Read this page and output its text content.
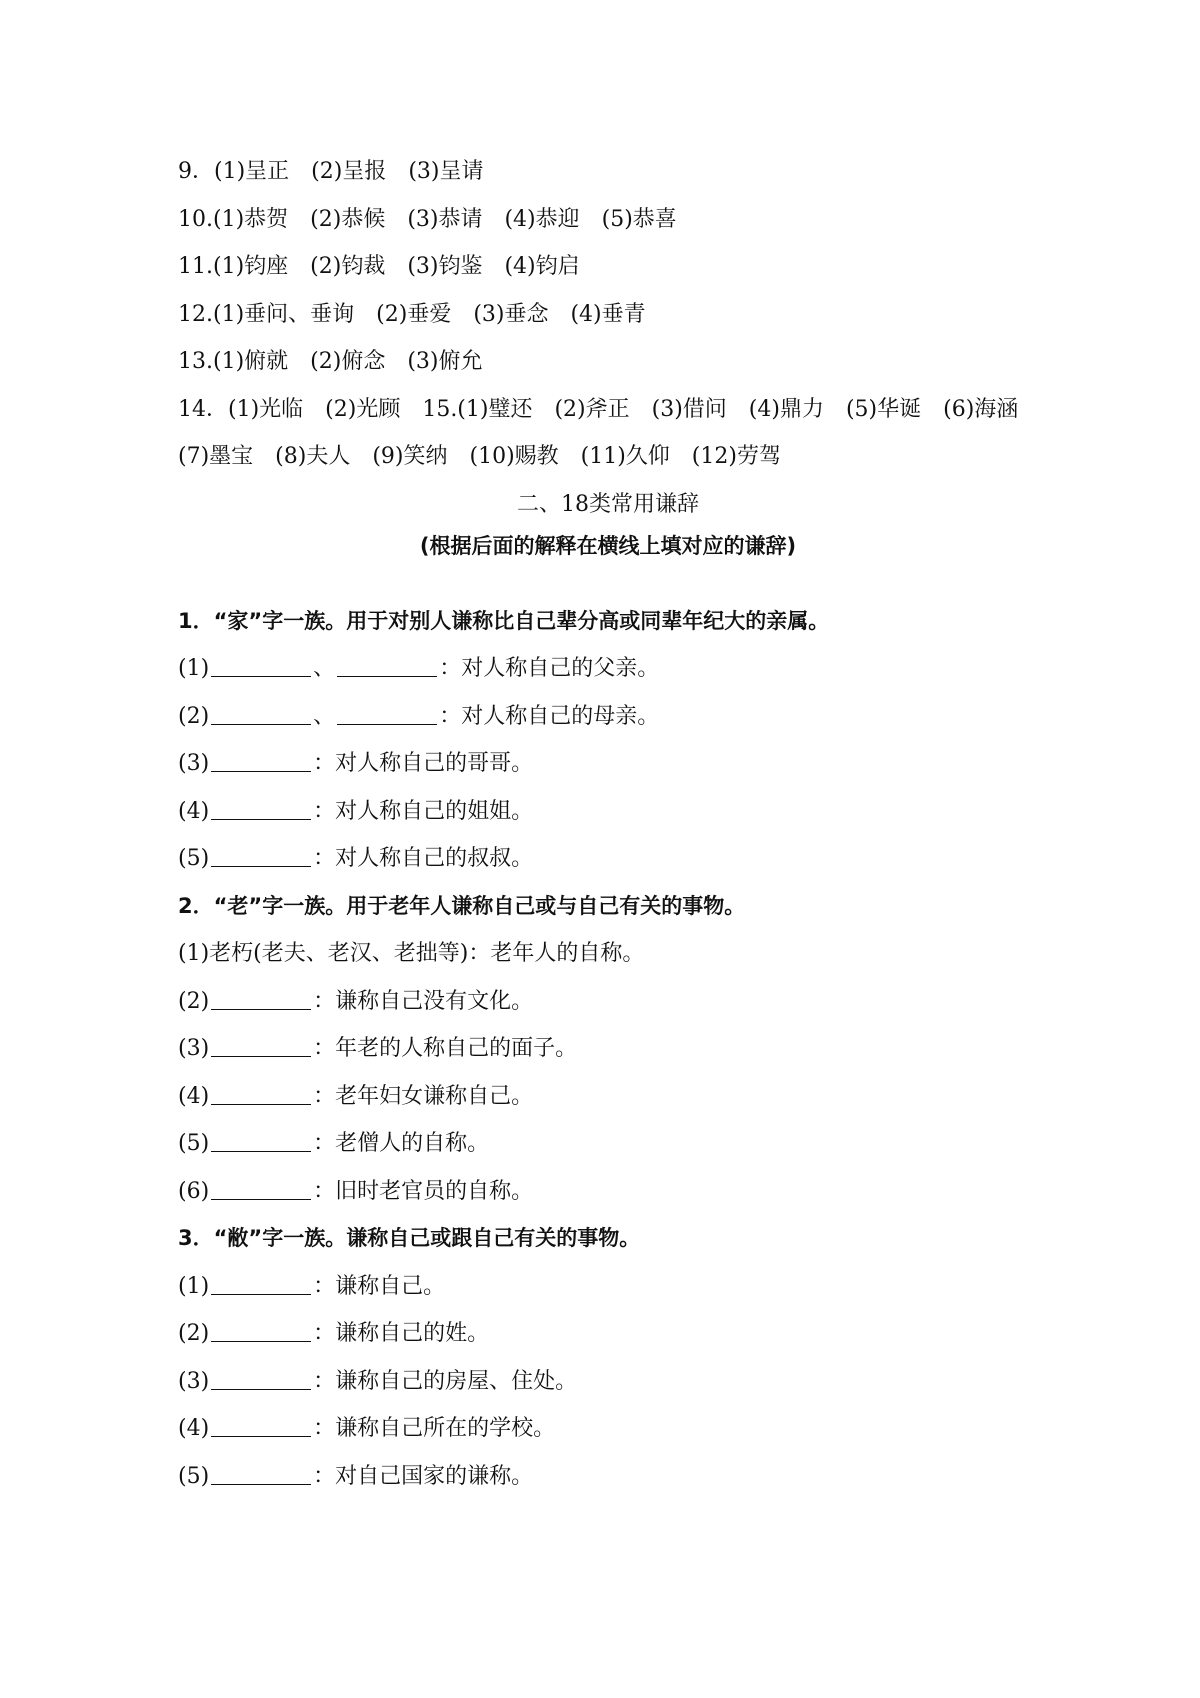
9．(1)呈正　(2)呈报　(3)呈请
10.(1)恭贺　(2)恭候　(3)恭请　(4)恭迎　(5)恭喜
11.(1)钧座　(2)钧裁　(3)钧鉴　(4)钧启
12.(1)垂问、垂询　(2)垂爱　(3)垂念　(4)垂青
13.(1)俯就　(2)俯念　(3)俯允
14．(1)光临　(2)光顾　15.(1)璧还　(2)斧正　(3)借问　(4)鼎力　(5)华诞　(6)海涵　(7)墨宝　(8)夫人　(9)笑纳　(10)赐教　(11)久仰　(12)劳驾
二、18类常用谦辞
(根据后面的解释在横线上填对应的谦辞)
1．“家”字一族。用于对别人谦称比自己辈分高或同辈年纪大的亲属。
(1)	、	：对人称自己的父亲。
(2)	、	：对人称自己的母亲。
(3)	：对人称自己的哥哥。
(4)	：对人称自己的姐姐。
(5)	：对人称自己的叔叔。
2．“老”字一族。用于老年人谦称自己或与自己有关的事物。
(1)老朽(老夫、老汉、老拙等)：老年人的自称。
(2)	：谦称自己没有文化。
(3)	：年老的人称自己的面子。
(4)	：老年妇女谦称自己。
(5)	：老僧人的自称。
(6)	：旧时老官员的自称。
3．“敝”字一族。谦称自己或跟自己有关的事物。
(1)	：谦称自己。
(2)	：谦称自己的姓。
(3)	：谦称自己的房屋、住处。
(4)	：谦称自己所在的学校。
(5)	：对自己国家的谦称。
